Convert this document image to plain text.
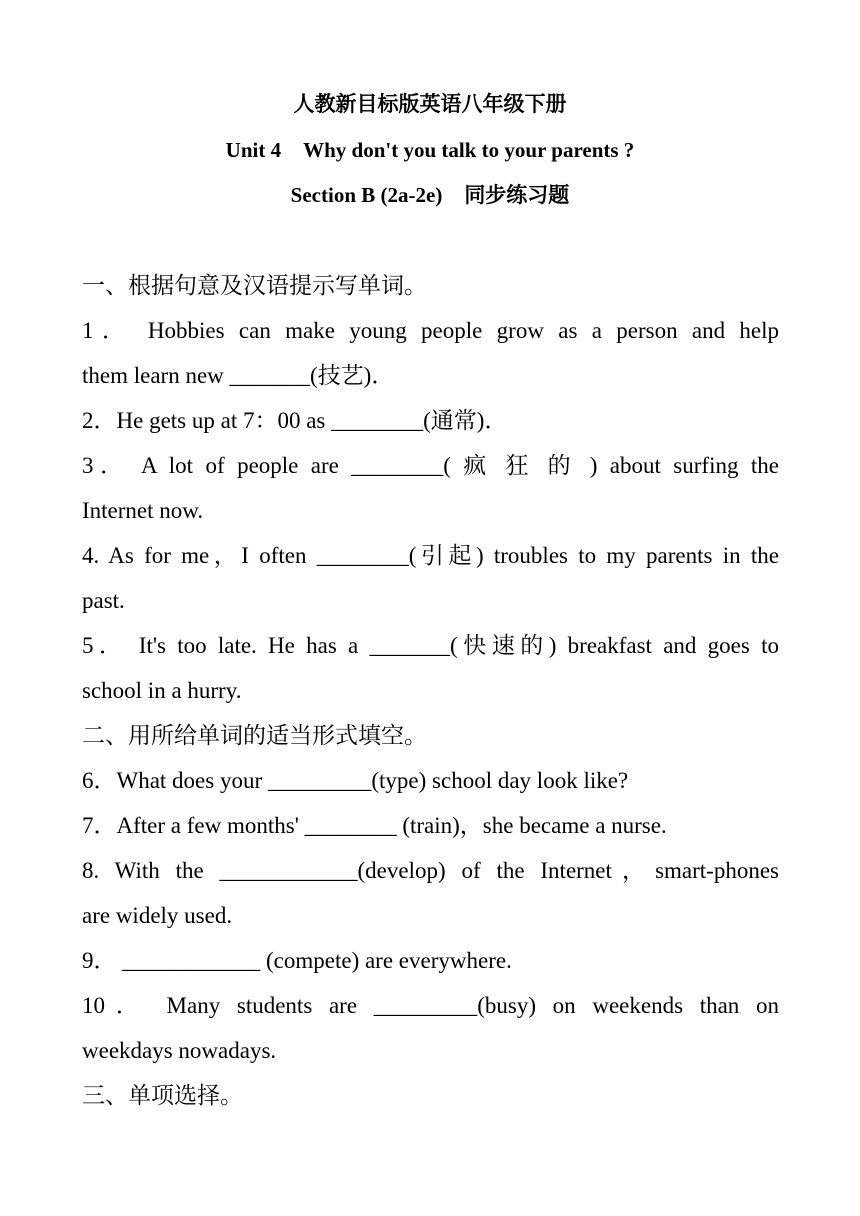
人教新目标版英语八年级下册
Unit 4 Why don't you talk to your parents ?
Section B (2a-2e) 同步练习题
一、根据句意及汉语提示写单词。
1． Hobbies can make young people grow as a person and help
them learn new _______(技艺)．
2．He gets up at 7：00 as ________(通常)．
3． A lot of people are ________( 疯 狂 的 ) about surfing the
Internet now.
4. As for me，I often ________(引起) troubles to my parents in the
past.
5． It's too late. He has a _______(快速的) breakfast and goes to
school in a hurry.
二、用所给单词的适当形式填空。
6．What does your _________(type) school day look like?
7．After a few months' ________ (train)，she became a nurse.
8. With the ____________(develop) of the Internet，smart-phones
are widely used.
9． ____________ (compete) are everywhere.
10． Many students are _________(busy) on weekends than on
weekdays nowadays.
三、单项选择。
